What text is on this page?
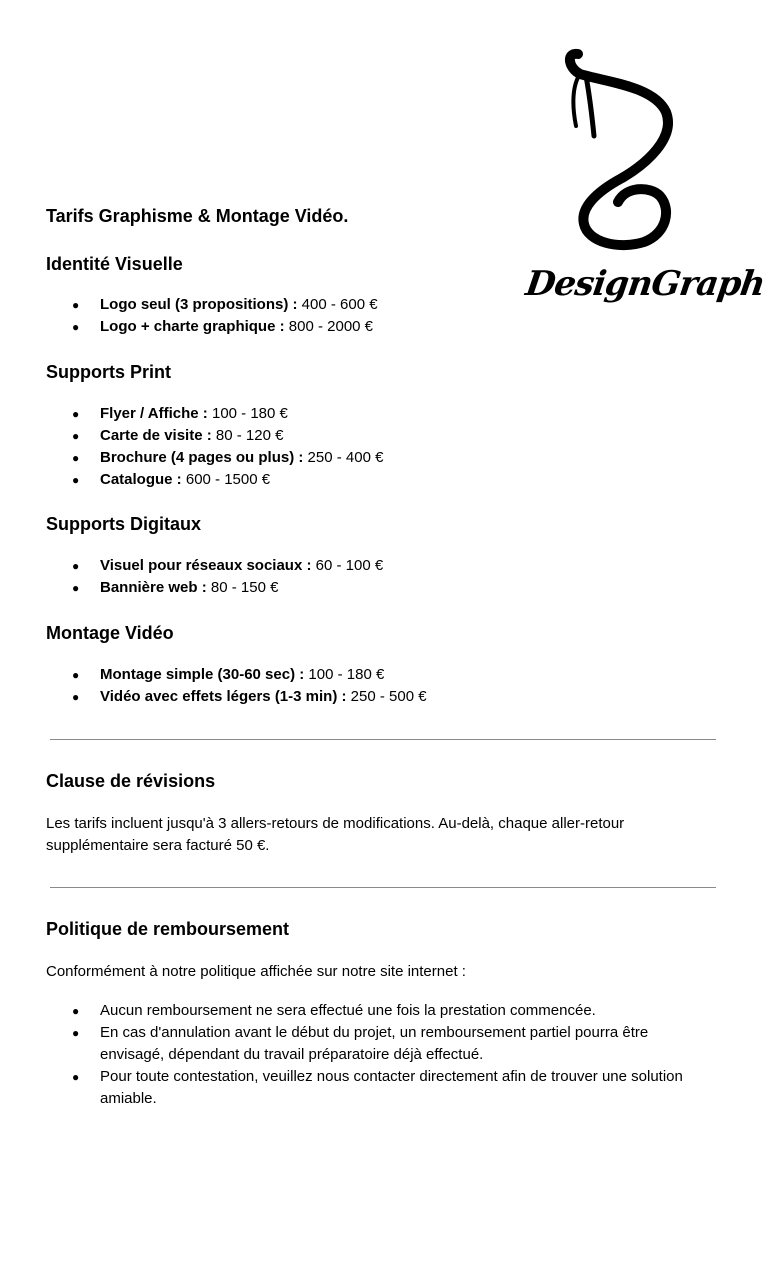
DesignGraph
Tarifs Graphisme & Montage Vidéo.
Identité Visuelle
● Logo seul (3 propositions) : 400 - 600 €
● Logo + charte graphique : 800 - 2000 €
Supports Print
● Flyer / Affiche : 100 - 180 €
● Carte de visite : 80 - 120 €
● Brochure (4 pages ou plus) : 250 - 400 €
● Catalogue : 600 - 1500 €
Supports Digitaux
● Visuel pour réseaux sociaux : 60 - 100 €
● Bannière web : 80 - 150 €
Montage Vidéo
● Montage simple (30-60 sec) : 100 - 180 €
● Vidéo avec effets légers (1-3 min) : 250 - 500 €
Clause de révisions

Les tarifs incluent jusqu'à 3 allers-retours de modifications. Au-delà, chaque aller-retour supplémentaire sera facturé 50 €.

Politique de remboursement

Conformément à notre politique affichée sur notre site internet :

● Aucun remboursement ne sera effectué une fois la prestation commencée.
● En cas d'annulation avant le début du projet, un remboursement partiel pourra être envisagé, dépendant du travail préparatoire déjà effectué.
● Pour toute contestation, veuillez nous contacter directement afin de trouver une solution amiable.
